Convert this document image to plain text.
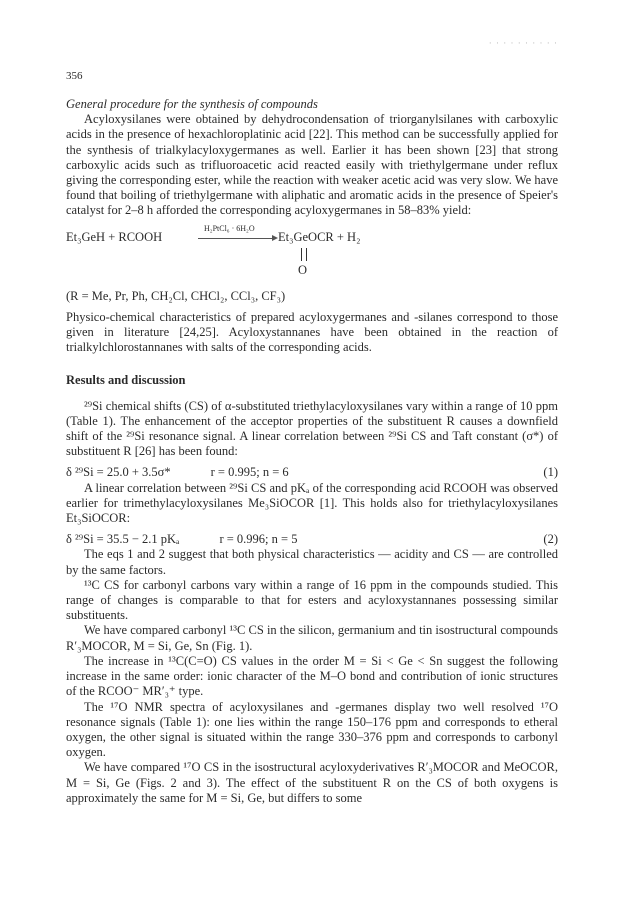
· · · · · · · · · ·
356

General procedure for the synthesis of compounds

Acyloxysilanes were obtained by dehydrocondensation of triorganylsilanes with carboxylic acids in the presence of hexachloroplatinic acid [22]. This method can be successfully applied for the synthesis of trialkylacyloxygermanes as well. Earlier it has been shown [23] that strong carboxylic acids such as trifluoroacetic acid reacted easily with triethylgermane under reflux giving the corresponding ester, while the reaction with weaker acetic acid was very slow. We have found that boiling of triethylgermane with aliphatic and aromatic acids in the presence of Speier's catalyst for 2–8 h afforded the corresponding acyloxygermanes in 58–83% yield:

Et₃GeH + RCOOH
H₂PtCl₆ · 6H₂O
Et₃GeOCR + H₂
O

(R = Me, Pr, Ph, CH₂Cl, CHCl₂, CCl₃, CF₃)

Physico-chemical characteristics of prepared acyloxygermanes and -silanes correspond to those given in literature [24,25]. Acyloxystannanes have been obtained in the reaction of trialkylchlorostannanes with salts of the corresponding acids.

Results and discussion

²⁹Si chemical shifts (CS) of α-substituted triethylacyloxysilanes vary within a range of 10 ppm (Table 1). The enhancement of the acceptor properties of the substituent R causes a downfield shift of the ²⁹Si resonance signal. A linear correlation between ²⁹Si CS and Taft constant (σ*) of substituent R [26] has been found:

δ ²⁹Si = 25.0 + 3.5σ*	r = 0.995; n = 6	(1)

A linear correlation between ²⁹Si CS and pKₐ of the corresponding acid RCOOH was observed earlier for trimethylacyloxysilanes Me₃SiOCOR [1]. This holds also for triethylacyloxysilanes Et₃SiOCOR:

δ ²⁹Si = 35.5 − 2.1 pKₐ	r = 0.996; n = 5	(2)

The eqs 1 and 2 suggest that both physical characteristics — acidity and CS — are controlled by the same factors.

¹³C CS for carbonyl carbons vary within a range of 16 ppm in the compounds studied. This range of changes is comparable to that for esters and acyloxystannanes possessing similar substituents.

We have compared carbonyl ¹³C CS in the silicon, germanium and tin isostructural compounds R′₃MOCOR, M = Si, Ge, Sn (Fig. 1).

The increase in ¹³C(C=O) CS values in the order M = Si < Ge < Sn suggest the following increase in the same order: ionic character of the M–O bond and contribution of ionic structures of the RCOO⁻ MR′₃⁺ type.

The ¹⁷O NMR spectra of acyloxysilanes and -germanes display two well resolved ¹⁷O resonance signals (Table 1): one lies within the range 150–176 ppm and corresponds to etheral oxygen, the other signal is situated within the range 330–376 ppm and corresponds to carbonyl oxygen.

We have compared ¹⁷O CS in the isostructural acyloxyderivatives R′₃MOCOR and MeOCOR, M = Si, Ge (Figs. 2 and 3). The effect of the substituent R on the CS of both oxygens is approximately the same for M = Si, Ge, but differs to some
